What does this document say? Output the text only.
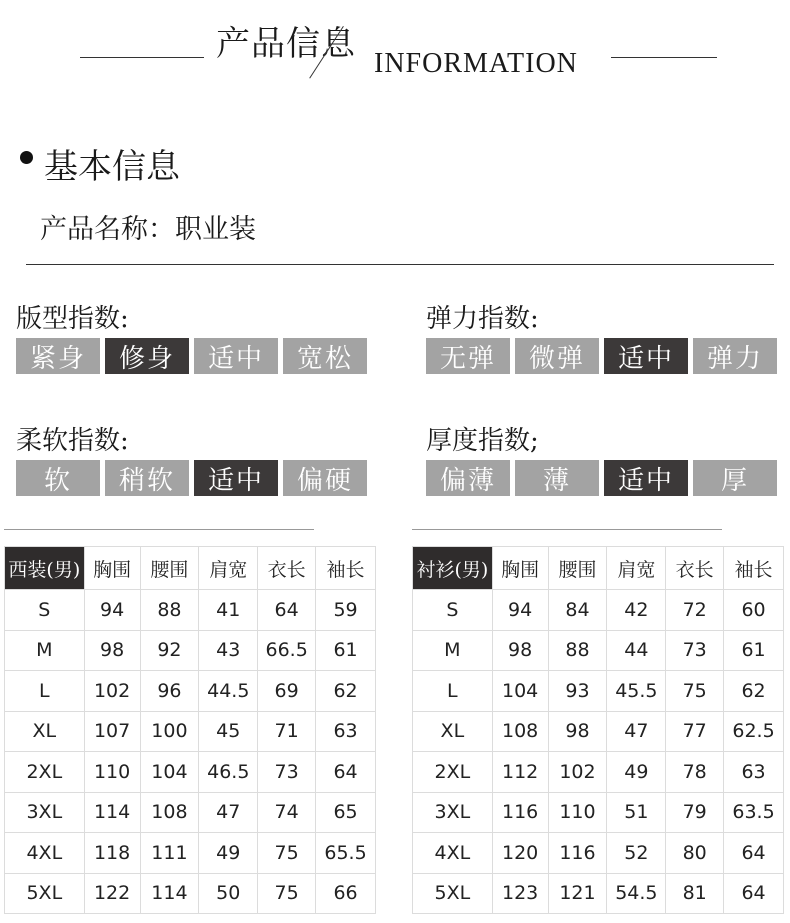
产品信息 INFORMATION
基本信息
产品名称：职业装
版型指数:
紧身	修身	适中	宽松
弹力指数:
无弹	微弹	适中	弹力
柔软指数:
软	稍软	适中	偏硬
厚度指数;
偏薄	薄	适中	厚
西装(男)	胸围	腰围	肩宽	衣长	袖长
S	94	88	41	64	59
M	98	92	43	66.5	61
L	102	96	44.5	69	62
XL	107	100	45	71	63
2XL	110	104	46.5	73	64
3XL	114	108	47	74	65
4XL	118	111	49	75	65.5
5XL	122	114	50	75	66
衬衫(男)	胸围	腰围	肩宽	衣长	袖长
S	94	84	42	72	60
M	98	88	44	73	61
L	104	93	45.5	75	62
XL	108	98	47	77	62.5
2XL	112	102	49	78	63
3XL	116	110	51	79	63.5
4XL	120	116	52	80	64
5XL	123	121	54.5	81	64
